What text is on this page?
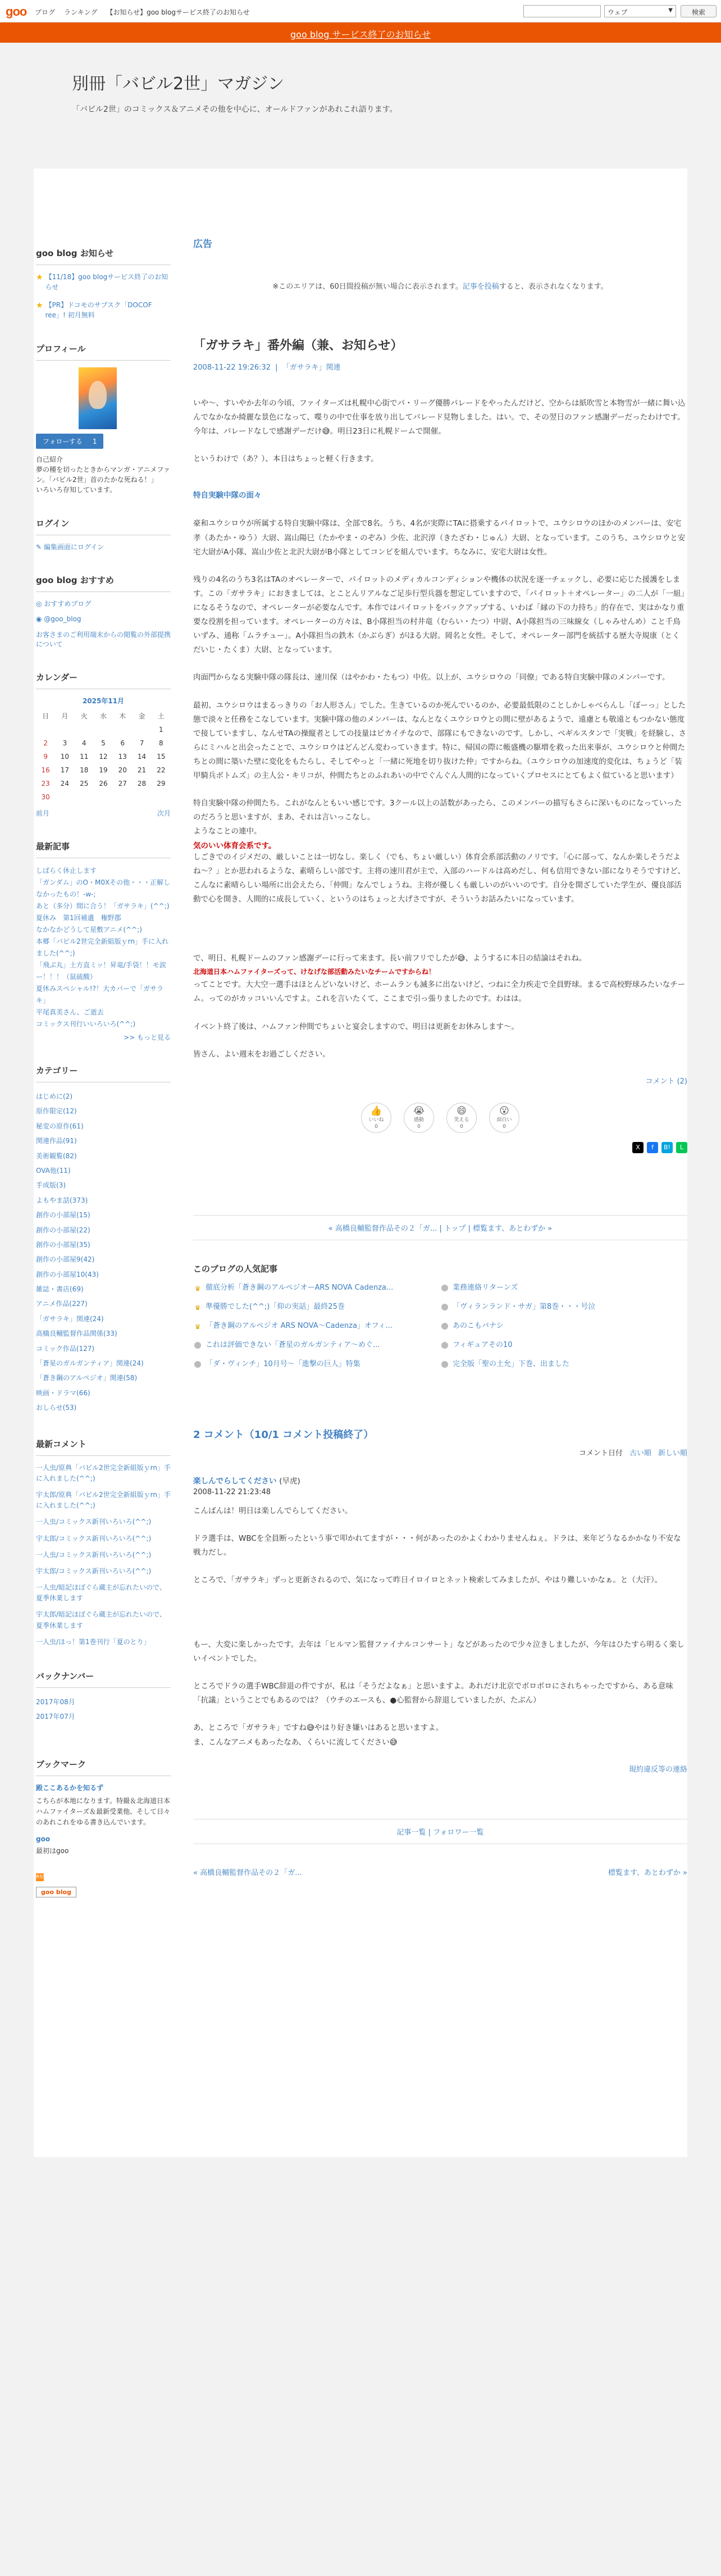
goo ブログ ランキング 【お知らせ】goo blogサービス終了のお知らせ	ウェブ	▼	検索
goo blog サービス終了のお知らせ
別冊「バビル2世」マガジン
「バビル2世」のコミックス＆アニメその他を中心に、オールドファンがあれこれ語ります。
goo blog お知らせ
★ 【11/18】goo blogサービス終了のお知らせ
★ 【PR】ドコモのサブスク「DOCOF ree」! 初月無料
プロフィール
フォローする 1
自己紹介
夢の種を切ったときからマンガ・アニメファン。「バビル2世」首のたかな死ねる！」
いろいろ存知しています。
ログイン
✎ 編集画面にログイン
goo blog おすすめ
◎ おすすめブログ
◉ @goo_blog
お客さまのご利用端末からの閲覧の外部提携について
カレンダー
2025年11月
日	月	火	水	木	金	土
						1
2	3	4	5	6	7	8
9	10	11	12	13	14	15
16	17	18	19	20	21	22
23	24	25	26	27	28	29
30						
前月	次月
最新記事
しばらく休止します
「ガンダム」のO・M0Xその他・・・正解しなかったもの！-w-;
あと（多分）間に合う！「ガサラキ」(^^;)
夏休み　第1回補遺　権野郡
なかなかどうして星敷アニメ(^^;)
本郷「バビル2世完全新組版ｙrn」手に入れました(^^;)
「飛ぶ丸」土方直ミッ！昇竜/手袋！！モ涙ー！！！（鼠硫酸）
夏休みスペシャル!?！大カパーで「ガサラキ」
平尾真美さん、ご逝去
コミックス刊行いいろいろ(^^;)
>> もっと見る
カテゴリー
はじめに(2)
原作限定(12)
秘変の原作(61)
関連作品(91)
美術観覧(82)
OVA他(11)
手成版(3)
よもやま話(373)
創作の小部屋(15)
創作の小部屋(22)
創作の小部屋(35)
創作の小部屋9(42)
創作の小部屋10(43)
雑誌・書店(69)
アニメ作品(227)
「ガサラキ」関連(24)
高橋良輔監督作品関係(33)
コミック作品(127)
「蒼星のガルガンティア」関連(24)
「蒼き鋼のアルペジオ」関連(58)
映画・ドラマ(66)
おしらせ(53)
最新コメント
一人虫/原典「バビル2世完全新組版ｙrn」手に入れました(^^;)
宇太郎/原典「バビル2世完全新組版ｙrn」手に入れました(^^;)
一人虫/コミックス新刊いろいろ(^^;)
宇太郎/コミックス新刊いろいろ(^^;)
一人虫/コミックス新刊いろいろ(^^;)
宇太郎/コミックス新刊いろいろ(^^;)
一人虫/暗記ほぼぐら蔵主が忘れたいので、夏季休業します
宇太郎/暗記ほぼぐら蔵主が忘れたいので、夏季休業します
一人虫/ほっ！第1巻刊行「夏のとり」
バックナンバー
2017年08月
2017年07月
ブックマーク
殿ここあるかを知るず
こちらが本地になります。特撮＆北海道日本ハムファイターズ＆最新受業他、そして日々のあれこれをゆる書き込んでいます。
goo
最初はgoo
RSS
goo blog
広告
※このエリアは、60日間投稿が無い場合に表示されます。記事を投稿すると、表示されなくなります。
「ガサラキ」番外編（兼、お知らせ）
2008-11-22 19:26:32 | 「ガサラキ」関連
いや〜、すいやか去年の今頃、ファイターズは札幌中心街でパ・リーグ優勝パレードをやったんだけど、空からは紙吹雪と本物雪が一緒に舞い込んでなかなか綺麗な景色になって、喋りの中で仕事を放り出してパレード見物しました。はい。で、その翌日のファン感謝デーだったわけです。今年は、パレードなしで感謝デーだけ😅。明日23日に札幌ドームで開催。
というわけで（あ？）、本日はちょっと軽く行きます。
特自実験中隊の面々
豪和ユウシロウが所属する特自実験中隊は、全部で8名。うち、4名が実際にTAに搭乗するパイロットで、ユウシロウのほかのメンバーは、安宅孝（あたか・ゆう）大尉、嵩山陽巳（たかやま・のぞみ）少佐、北沢淳（きたざわ・じゅん）大尉、となっています。このうち、ユウシロウと安宅大尉がA小隊、嵩山少佐と北沢大尉がB小隊としてコンビを組んでいます。ちなみに、安宅大尉は女性。
残りの4名のうち3名はTAのオペレーターで、パイロットのメディカルコンディションや機体の状況を逐一チェックし、必要に応じた援護をします。この「ガサラキ」におきましては、とことんリアルなご足歩行型兵器を想定していますので、「パイロット＋オペレーター」の二人が「一組」になるそうなので、オペレーターが必要なんです。本作ではパイロットをバックアップする、いわば「縁の下の力持ち」的存在で、実はかなり重要な役割を担っています。オペレーターの方々は、B小隊担当の村井竜（むらい・たつ）中尉、A小隊担当の三味線女（しゃみせんめ）こと千鳥いずみ、通称「ムラチュー」。A小隊担当の鉄木（かぶらぎ）がほる大尉。岡名と女性。そして、オペレーター部門を統括する歴大寺規康（とくだいじ・たくま）大尉、となっています。
肉面門からなる実験中隊の隊長は、速川保（はやかわ・たもつ）中佐。以上が、ユウシロウの「同僚」である特自実験中隊のメンバーです。
最初、ユウシロウはまるっきりの「お人形さん」でした。生きているのか死んでいるのか、必要最低限のことしかしゃべらんし「ぼーっ」とした態で淡々と任務をこなしています。実験中隊の他のメンバーは、なんとなくユウシロウとの間に壁があるようで、遠慮とも敬遠ともつかない態度で接していますし、なんせTAの操縦者としての技量はピカイチなので、部隊にもできないのです。しかし、ベギルスタンで「実戦」を経験し、さらにミハルと出会ったことで、ユウシロウはどんどん変わっていきます。特に、帰国の際に帳盛機の駆増を救った出来事が、ユウシロウと仲間たちとの間に築いた壁に変化をもたらし、そしてやっと「一緒に死地を切り抜けた仲」ですからね。（ユウシロウの加速度的変化は、ちょうど「装甲騎兵ボトムズ」の主人公・キリコが、仲間たちとのふれあいの中でぐんぐん人間的になっていくプロセスにとてもよく似ていると思います）
特自実験中隊の仲間たち。これがなんともいい感じです。3クール以上の話数があったら、このメンバーの描写もさらに深いものになっていったのだろうと思いますが、まあ、それは言いっこなし。
ようなことの連中。
気のいい体育会系です。
しごきでのイジメだの、厳しいことは一切なし。楽しく（でも、ちょい厳しい）体育会系部活動のノリです。「心に部って、なんか楽しそうだよね〜？」とか思われるような、素晴らしい部です。主将の速川君が主で、入部のハードルは高めだし、何も信用できない部になりそうですけど、こんなに素晴らしい場所に出会えたら、「仲間」なんでしょうね。主将が優しくも厳しいのがいいのです。自分を開ざしていた学生が、優良部活動で心を開き、人間的に成長していく、というのはちょっと大げさですが、そういうお話みたいになっています。
で、明日、札幌ドームのファン感謝デーに行って来ます。長い前フリでしたが😅、ようするに本日の結論はそれね。
北海道日本ハムファイターズって、けなげな部活動みたいなチームですからね！
ってことです。大大空一選手はほとんどいないけど、ホームランも滅多に出ないけど、つねに全力疾走で全員野球。まるで高校野球みたいなチーム。ってのがカッコいいんですよ。これを言いたくて、ここまで引っ張りましたのです。わはは。
イベント終了後は、ハムファン仲間でちょいと宴会しますので、明日は更新をお休みします〜。
皆さん、よい週末をお過ごしください。
コメント (2)
👍
いいね
0
😭
感動
0
😄
笑える
0
😮
面白い
0
X	f	B!	L
« 高橋良輔監督作品その２「ガ... | トップ | 標覧ます、あとわずか »
このブログの人気記事
♛ 徹底分析「蒼き鋼のアルペジオーARS NOVA Cadenza...	業務連絡リターンズ
♛ 準優勝でした(^^;)「仰の実話」最終25巻	「ヴィランランド・サガ」第8巻・・・号泣
♛ 「蒼き鋼のアルペジオ ARS NOVA〜Cadenza」オフィ...	あのこもバナシ
これは評価できない「蒼星のガルガンティア〜めぐ...	フィギュアその10
「ダ・ヴィンチ」10月号〜「進撃の巨人」特集	完全版「聖の土允」下巻、出ました
2 コメント（10/1 コメント投稿終了）
コメント日付 古い順 新しい順
楽しんでらしてください (早虎)
2008-11-22 21:23:48
こんばんは！明日は楽しんでらしてください。
ドラ選手は、WBCを全員断ったという事で叩かれてますが・・・何があったのかよくわかりませんねぇ。ドラは、来年どうなるかかなり不安な戦力だし。
ところで、「ガサラキ」ずっと更新されるので、気になって昨日イロイロとネット検索してみましたが、やはり難しいかなぁ。と（大汗）。
もー、大変に楽しかったです。去年は「ヒルマン監督ファイナルコンサート」などがあったので少々泣きしましたが、今年はひたすら明るく楽しいイベントでした。
ところでドラの選手WBC辞退の件ですが、私は「そうだよなぁ」と思いますよ。あれだけ北京でボロボロにされちゃったですから、ある意味「抗議」ということでもあるのでは？（ウチのエースも、●心監督から辞退していましたが、たぶん）
あ、ところで「ガサラキ」ですね😅やはり好き嫌いはあると思いますよ。
ま、こんなアニメもあったなあ、くらいに流してください😅
規約違反等の連絡
記事一覧 | フォロワー一覧
« 高橋良輔監督作品その２「ガ...	標覧ます、あとわずか »
